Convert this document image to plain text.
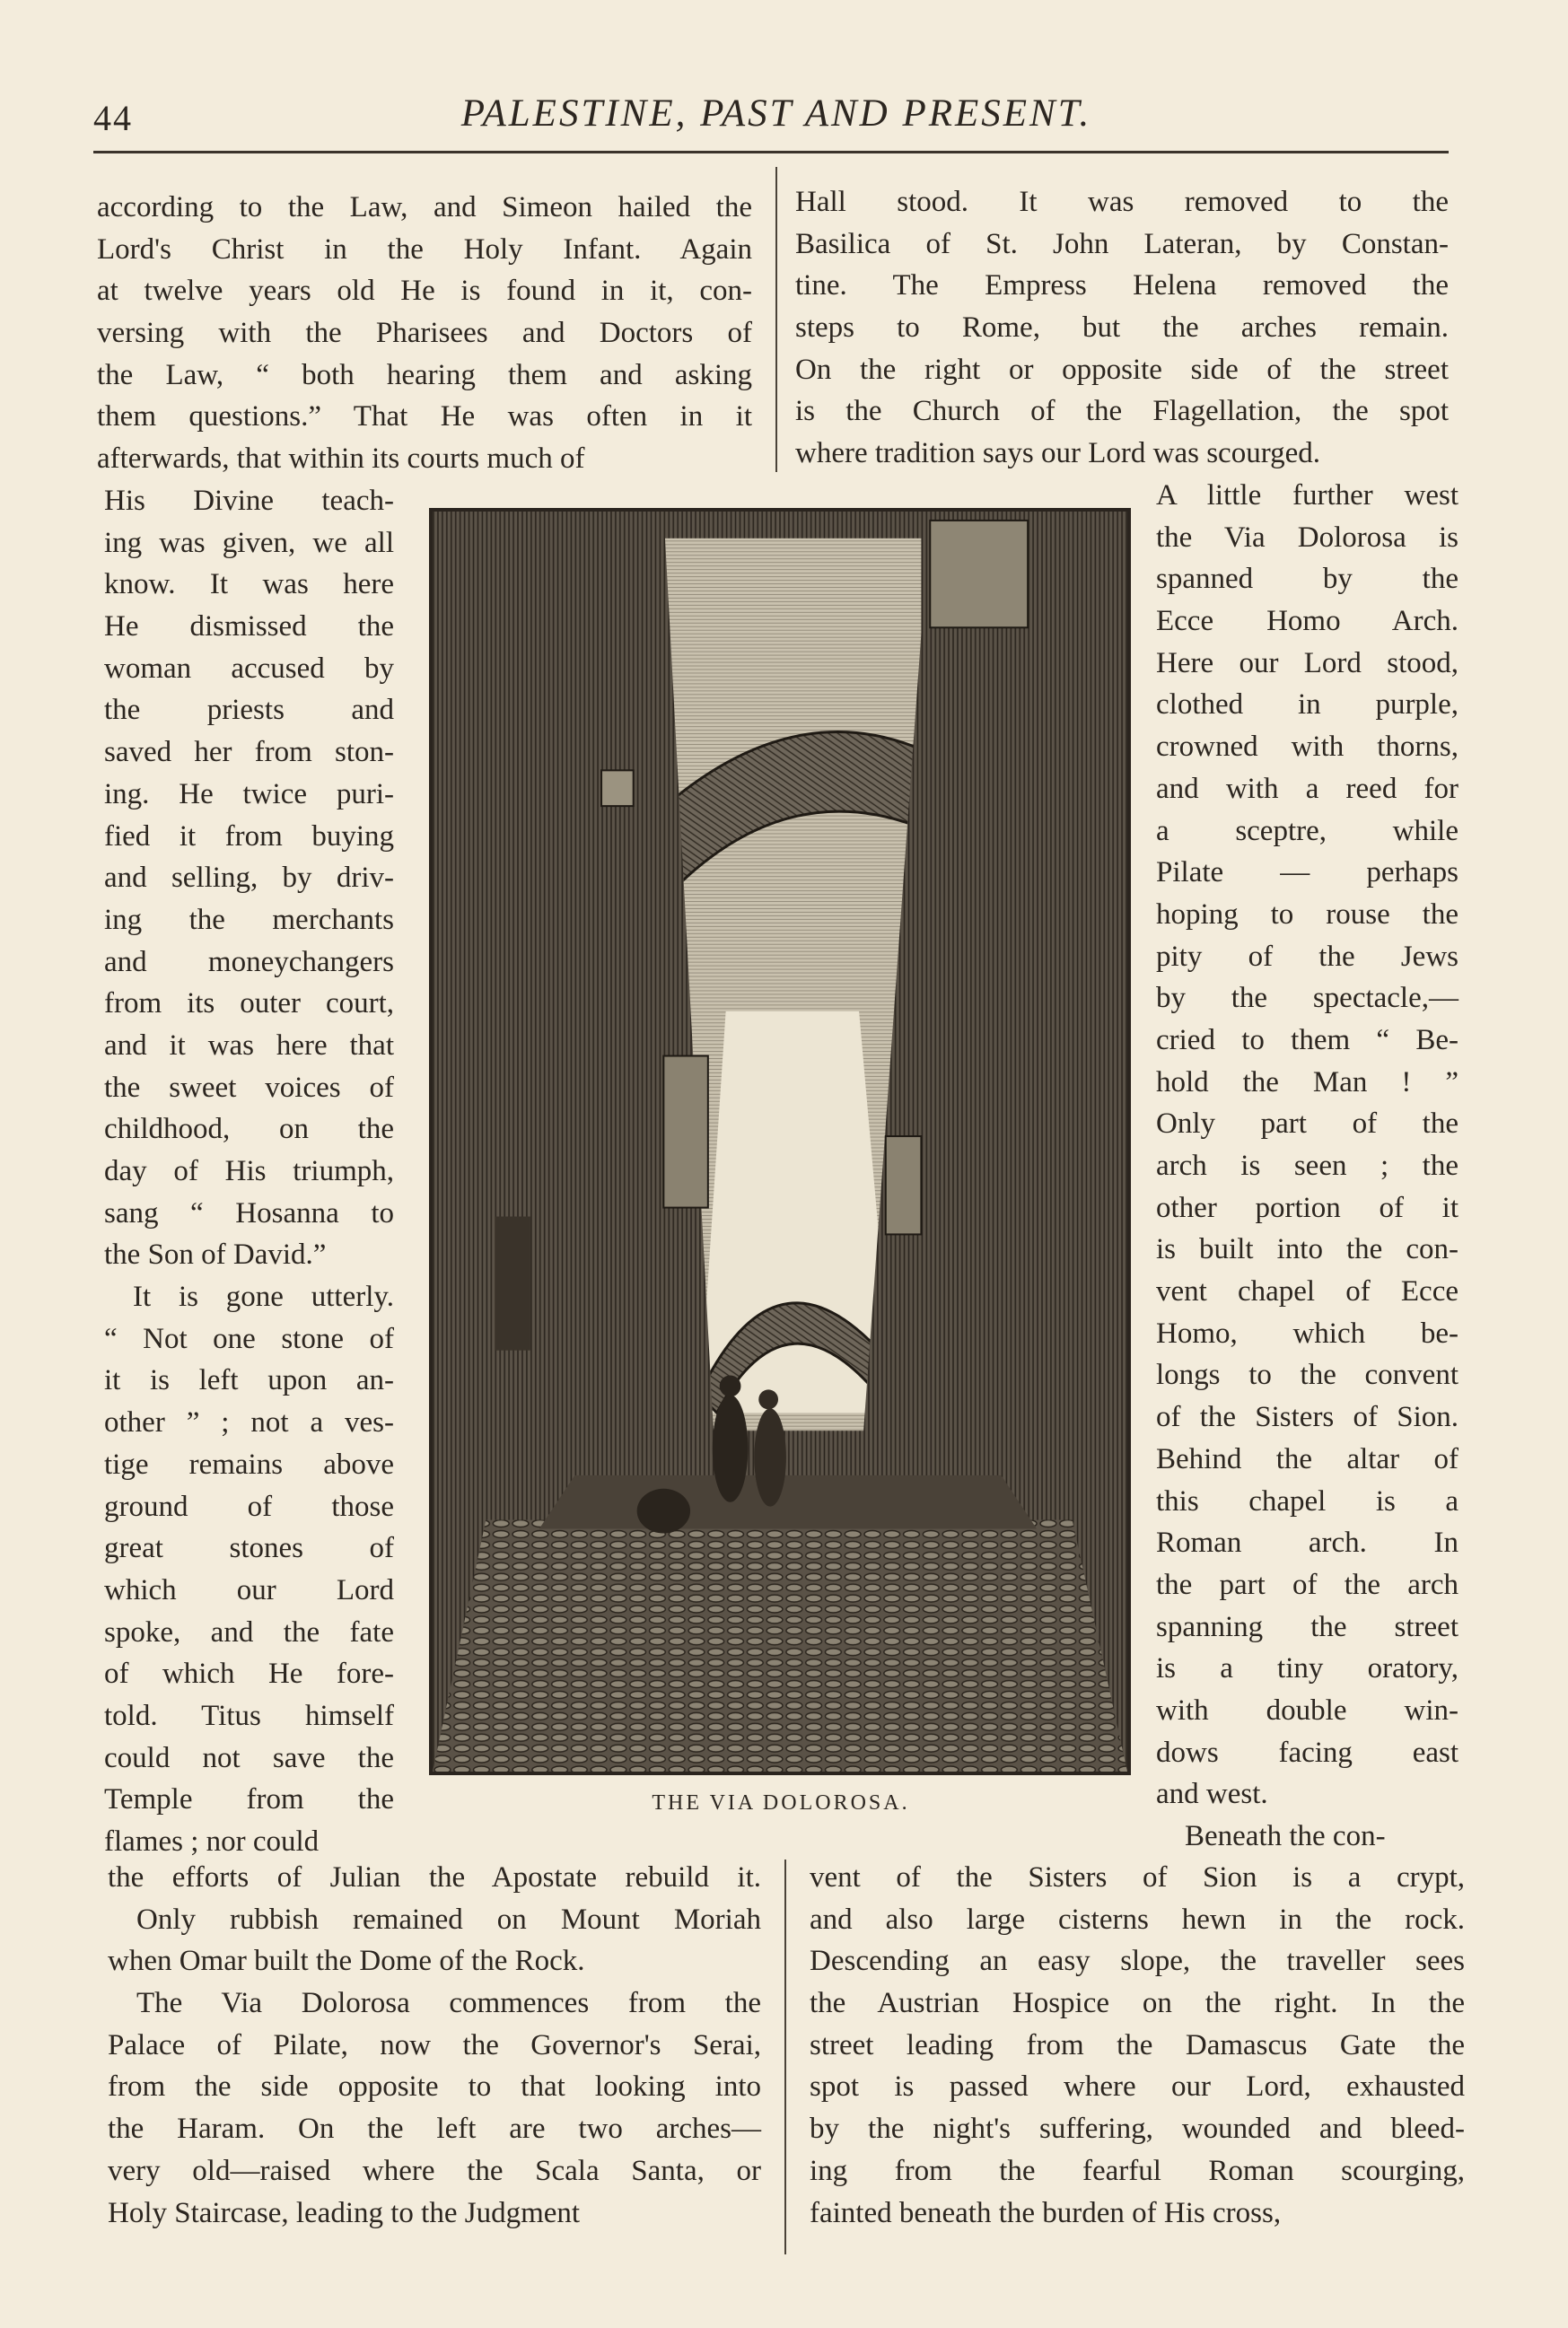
44	PALESTINE, PAST AND PRESENT.
according to the Law, and Simeon hailed the
Lord's Christ in the Holy Infant. Again
at twelve years old He is found in it, con-
versing with the Pharisees and Doctors of
the Law, “ both hearing them and asking
them questions.” That He was often in it
afterwards, that within its courts much of
His Divine teach-
ing was given, we all
know. It was here
He dismissed the
woman accused by
the priests and
saved her from ston-
ing. He twice puri-
fied it from buying
and selling, by driv-
ing the merchants
and moneychangers
from its outer court,
and it was here that
the sweet voices of
childhood, on the
day of His triumph,
sang “ Hosanna to
the Son of David.”
It is gone utterly.
“ Not one stone of
it is left upon an-
other ” ; not a ves-
tige remains above
ground of those
great stones of
which our Lord
spoke, and the fate
of which He fore-
told. Titus himself
could not save the
Temple from the
flames ; nor could
the efforts of Julian the Apostate rebuild it.
Only rubbish remained on Mount Moriah
when Omar built the Dome of the Rock.
The Via Dolorosa commences from the
Palace of Pilate, now the Governor's Serai,
from the side opposite to that looking into
the Haram. On the left are two arches—
very old—raised where the Scala Santa, or
Holy Staircase, leading to the Judgment
Hall stood. It was removed to the
Basilica of St. John Lateran, by Constan-
tine. The Empress Helena removed the
steps to Rome, but the arches remain.
On the right or opposite side of the street
is the Church of the Flagellation, the spot
where tradition says our Lord was scourged.
A little further west
the Via Dolorosa is
spanned by the
Ecce Homo Arch.
Here our Lord stood,
clothed in purple,
crowned with thorns,
and with a reed for
a sceptre, while
Pilate — perhaps
hoping to rouse the
pity of the Jews
by the spectacle,—
cried to them “ Be-
hold the Man ! ”
Only part of the
arch is seen ; the
other portion of it
is built into the con-
vent chapel of Ecce
Homo, which be-
longs to the convent
of the Sisters of Sion.
Behind the altar of
this chapel is a
Roman arch. In
the part of the arch
spanning the street
is a tiny oratory,
with double win-
dows facing east
and west.
Beneath the con-
vent of the Sisters of Sion is a crypt,
and also large cisterns hewn in the rock.
Descending an easy slope, the traveller sees
the Austrian Hospice on the right. In the
street leading from the Damascus Gate the
spot is passed where our Lord, exhausted
by the night's suffering, wounded and bleed-
ing from the fearful Roman scourging,
fainted beneath the burden of His cross,
THE VIA DOLOROSA.
